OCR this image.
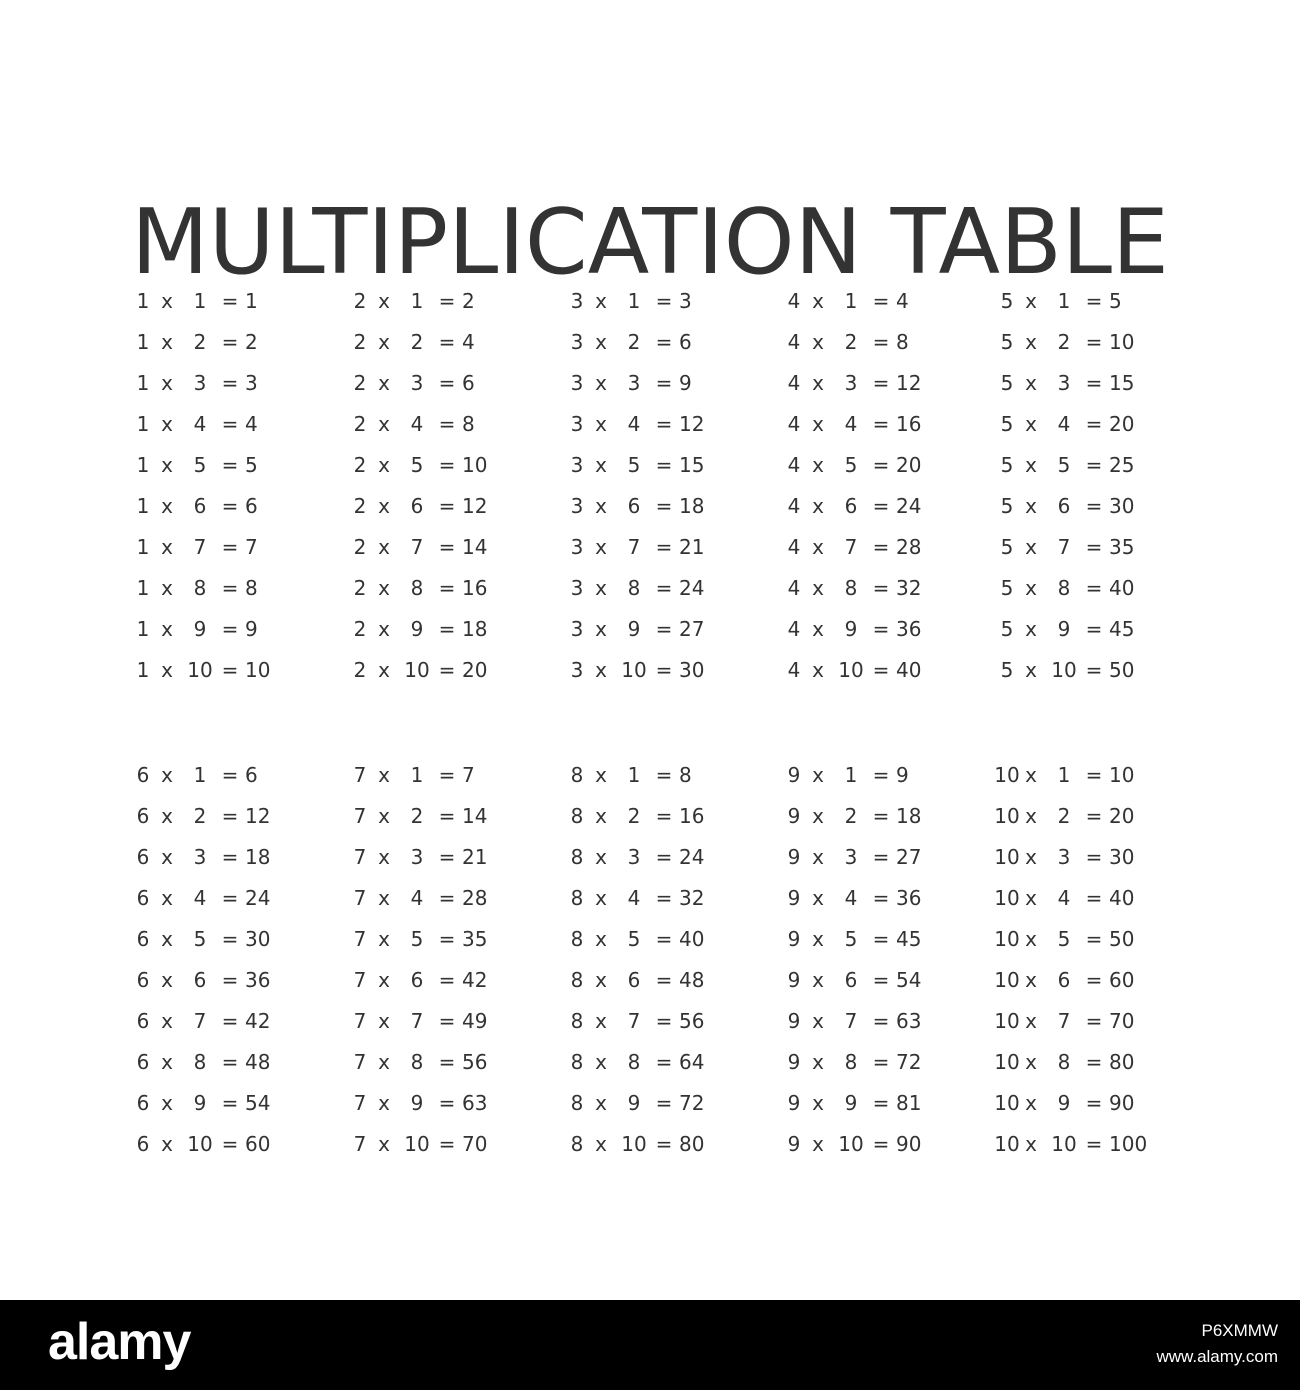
MULTIPLICATION TABLE
1 x	1 = 1
1 x	2 = 2
1 x	3 = 3
1 x	4 = 4
1 x	5 = 5
1 x	6 = 6
1 x	7 = 7
1 x	8 = 8
1 x	9 = 9
1 x 10 = 10
2 x	1 = 2
2 x	2 = 4
2 x	3 = 6
2 x	4 = 8
2 x	5 = 10
2 x	6 = 12
2 x	7 = 14
2 x	8 = 16
2 x	9 = 18
2 x 10 = 20
3 x	1 = 3
3 x	2 = 6
3 x	3 = 9
3 x	4 = 12
3 x	5 = 15
3 x	6 = 18
3 x	7 = 21
3 x	8 = 24
3 x	9 = 27
3 x 10 = 30
4 x	1 = 4
4 x	2 = 8
4 x	3 = 12
4 x	4 = 16
4 x	5 = 20
4 x	6 = 24
4 x	7 = 28
4 x	8 = 32
4 x	9 = 36
4 x 10 = 40
5 x	1 = 5
5 x	2 = 10
5 x	3 = 15
5 x	4 = 20
5 x	5 = 25
5 x	6 = 30
5 x	7 = 35
5 x	8 = 40
5 x	9 = 45
5 x 10 = 50
6 x	1 = 6
6 x	2 = 12
6 x	3 = 18
6 x	4 = 24
6 x	5 = 30
6 x	6 = 36
6 x	7 = 42
6 x	8 = 48
6 x	9 = 54
6 x 10 = 60
7 x	1 = 7
7 x	2 = 14
7 x	3 = 21
7 x	4 = 28
7 x	5 = 35
7 x	6 = 42
7 x	7 = 49
7 x	8 = 56
7 x	9 = 63
7 x 10 = 70
8 x	1 = 8
8 x	2 = 16
8 x	3 = 24
8 x	4 = 32
8 x	5 = 40
8 x	6 = 48
8 x	7 = 56
8 x	8 = 64
8 x	9 = 72
8 x 10 = 80
9 x	1 = 9
9 x	2 = 18
9 x	3 = 27
9 x	4 = 36
9 x	5 = 45
9 x	6 = 54
9 x	7 = 63
9 x	8 = 72
9 x	9 = 81
9 x 10 = 90
10 x	1 = 10
10 x	2 = 20
10 x	3 = 30
10 x	4 = 40
10 x	5 = 50
10 x	6 = 60
10 x	7 = 70
10 x	8 = 80
10 x	9 = 90
10 x 10 = 100
alamy	P6XMMW
www.alamy.com
